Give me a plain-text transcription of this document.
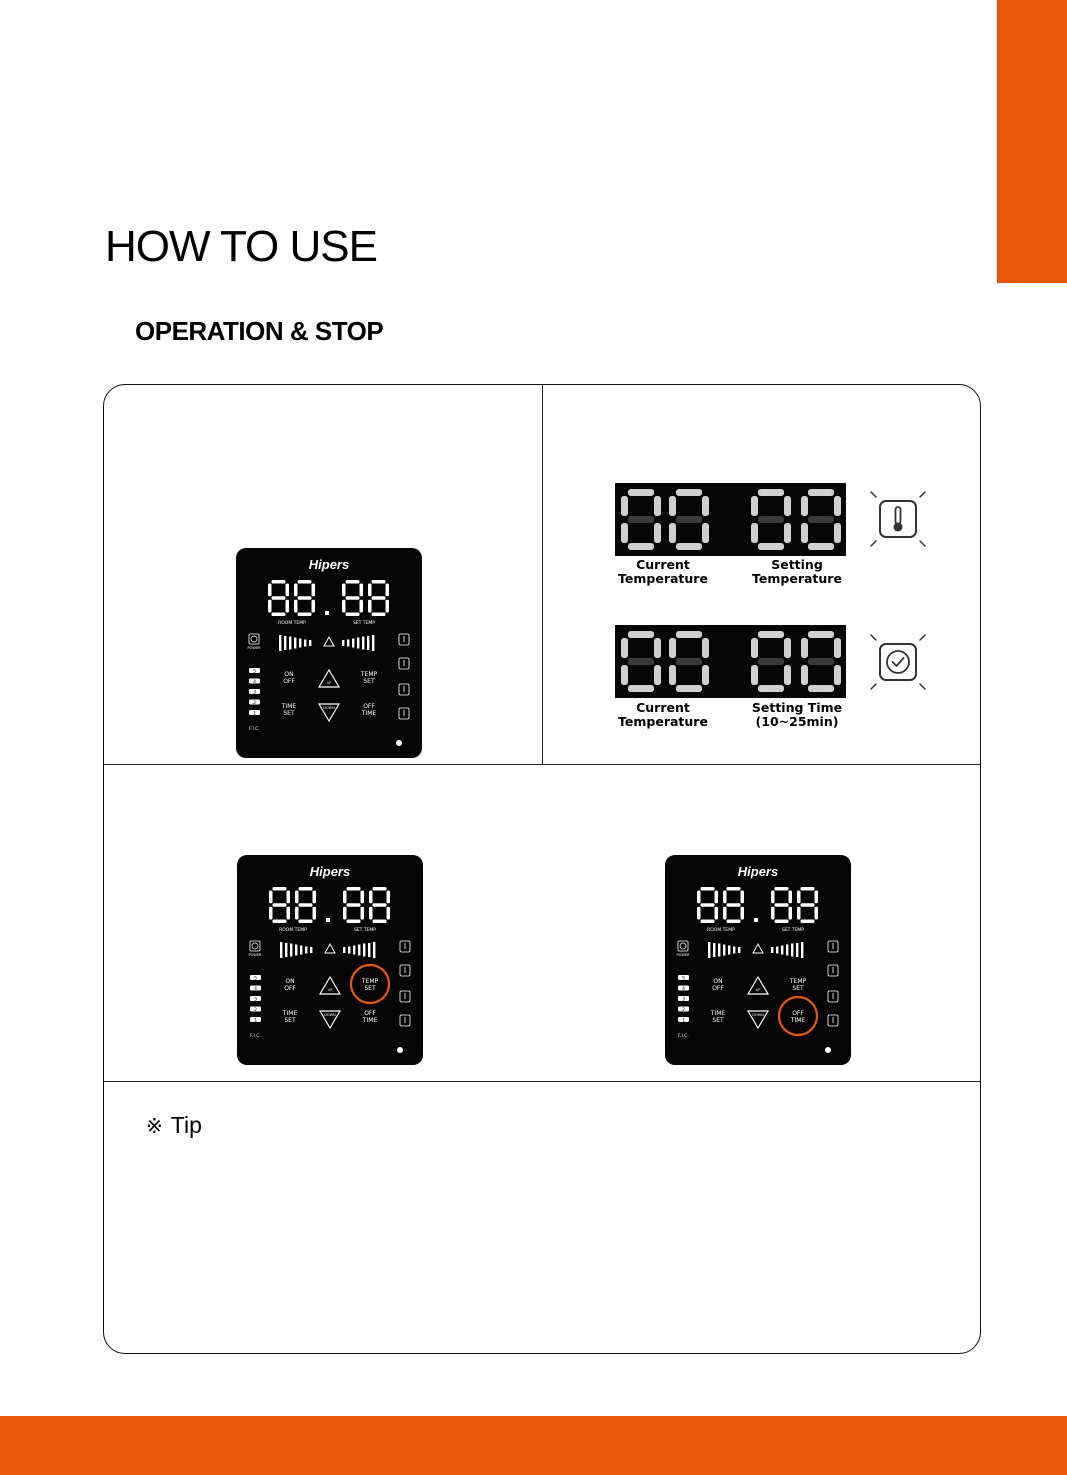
HOW TO USE
OPERATION & STOP
Hipers
ROOM TEMP	SET TEMP
POWER
5
4
3
2
1
F.I.C.
ON
OFF
TEMP
SET
TIME
SET
OFF
TIME
UP
DOWN
Hipers
ROOM TEMP	SET TEMP
POWER
5
4
3
2
1
F.I.C.
ON
OFF
TEMP
SET
TIME
SET
OFF
TIME
UP
DOWN
Hipers
ROOM TEMP	SET TEMP
POWER
5
4
3
2
1
F.I.C.
ON
OFF
TEMP
SET
TIME
SET
OFF
TIME
UP
DOWN
Current
Temperature
Setting
Temperature
Current
Temperature
Setting Time
(10~25min)
※ Tip
